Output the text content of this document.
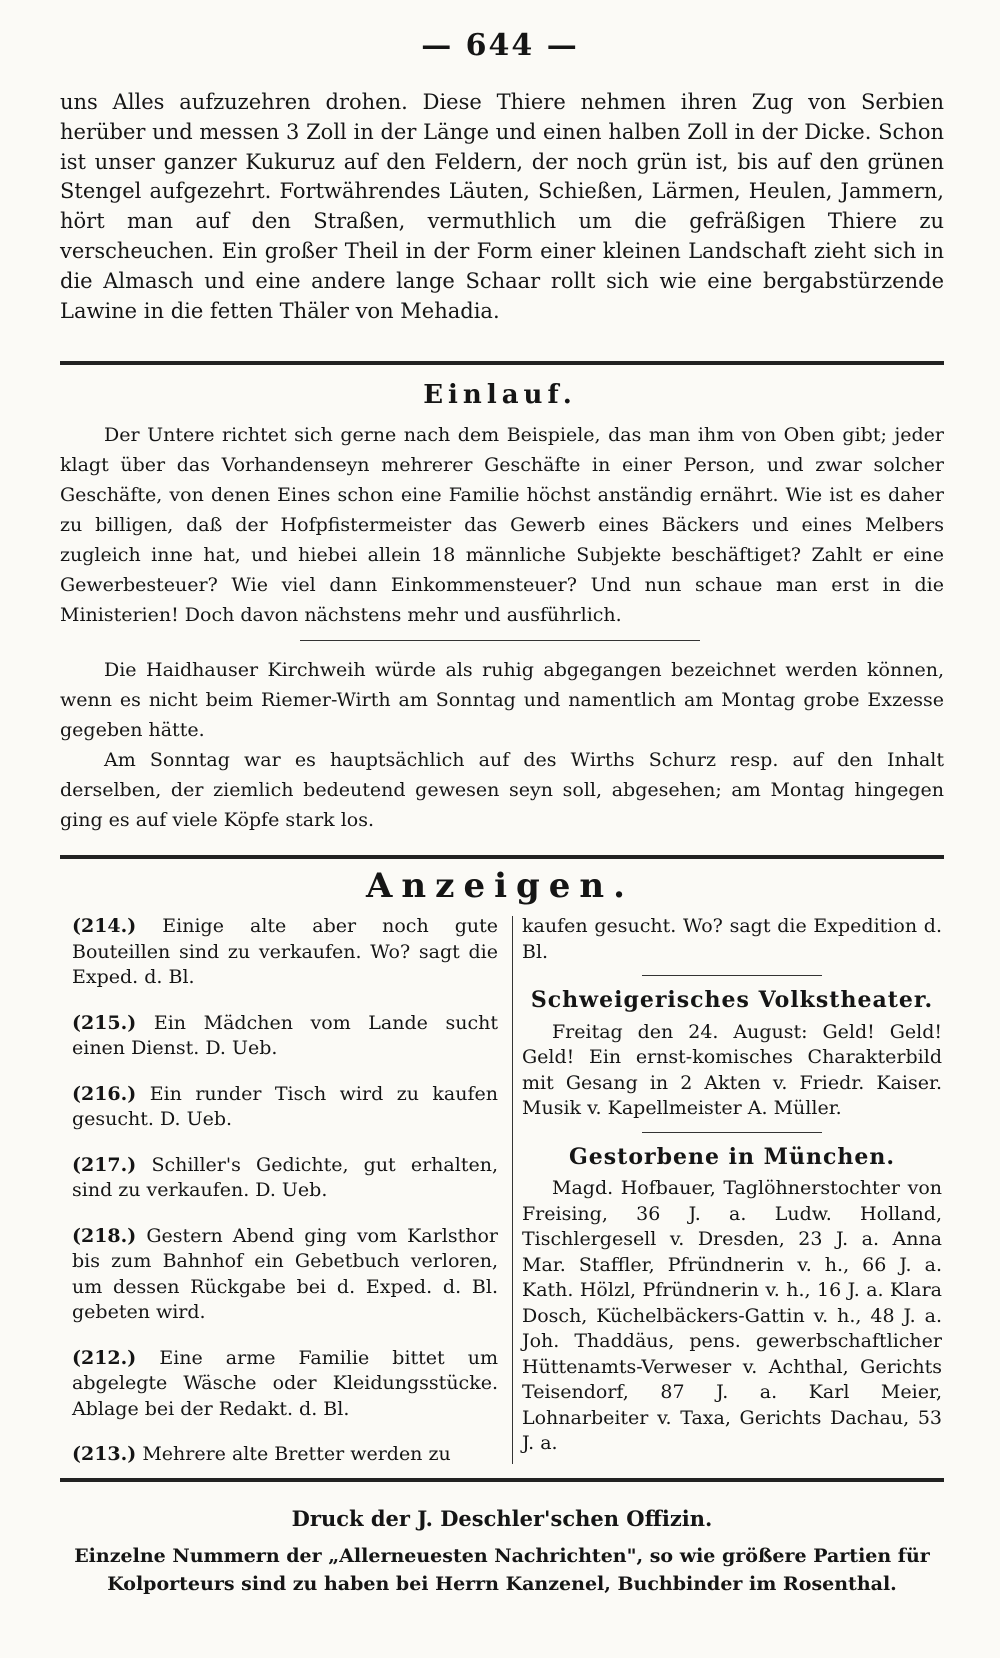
— 644 —
uns Alles aufzuzehren drohen. Diese Thiere nehmen ihren Zug von Serbien herüber und messen 3 Zoll in der Länge und einen halben Zoll in der Dicke. Schon ist unser ganzer Kukuruz auf den Feldern, der noch grün ist, bis auf den grünen Stengel aufgezehrt. Fortwährendes Läuten, Schießen, Lärmen, Heulen, Jammern, hört man auf den Straßen, vermuthlich um die gefräßigen Thiere zu verscheuchen. Ein großer Theil in der Form einer kleinen Landschaft zieht sich in die Almasch und eine andere lange Schaar rollt sich wie eine bergabstürzende Lawine in die fetten Thäler von Mehadia.
Einlauf.

Der Untere richtet sich gerne nach dem Beispiele, das man ihm von Oben gibt; jeder klagt über das Vorhandenseyn mehrerer Geschäfte in einer Person, und zwar solcher Geschäfte, von denen Eines schon eine Familie höchst anständig ernährt. Wie ist es daher zu billigen, daß der Hofpfistermeister das Gewerb eines Bäckers und eines Melbers zugleich inne hat, und hiebei allein 18 männliche Subjekte beschäftiget? Zahlt er eine Gewerbesteuer? Wie viel dann Einkommensteuer? Und nun schaue man erst in die Ministerien! Doch davon nächstens mehr und ausführlich.

Die Haidhauser Kirchweih würde als ruhig abgegangen bezeichnet werden können, wenn es nicht beim Riemer-Wirth am Sonntag und namentlich am Montag grobe Exzesse gegeben hätte.

Am Sonntag war es hauptsächlich auf des Wirths Schurz resp. auf den Inhalt derselben, der ziemlich bedeutend gewesen seyn soll, abgesehen; am Montag hingegen ging es auf viele Köpfe stark los.

Anzeigen.

(214.) Einige alte aber noch gute Bouteillen sind zu verkaufen. Wo? sagt die Exped. d. Bl.

(215.) Ein Mädchen vom Lande sucht einen Dienst. D. Ueb.

(216.) Ein runder Tisch wird zu kaufen gesucht. D. Ueb.

(217.) Schiller's Gedichte, gut erhalten, sind zu verkaufen. D. Ueb.

(218.) Gestern Abend ging vom Karlsthor bis zum Bahnhof ein Gebetbuch verloren, um dessen Rückgabe bei d. Exped. d. Bl. gebeten wird.

(212.) Eine arme Familie bittet um abgelegte Wäsche oder Kleidungsstücke. Ablage bei der Redakt. d. Bl.

(213.) Mehrere alte Bretter werden zu

kaufen gesucht. Wo? sagt die Expedition d. Bl.

Schweigerisches Volkstheater.

Freitag den 24. August: Geld! Geld! Geld! Ein ernst-komisches Charakterbild mit Gesang in 2 Akten v. Friedr. Kaiser. Musik v. Kapellmeister A. Müller.

Gestorbene in München.

Magd. Hofbauer, Taglöhnerstochter von Freising, 36 J. a. Ludw. Holland, Tischlergesell v. Dresden, 23 J. a. Anna Mar. Staffler, Pfründnerin v. h., 66 J. a. Kath. Hölzl, Pfründnerin v. h., 16 J. a. Klara Dosch, Küchelbäckers-Gattin v. h., 48 J. a. Joh. Thaddäus, pens. gewerbschaftlicher Hüttenamts-Verweser v. Achthal, Gerichts Teisendorf, 87 J. a. Karl Meier, Lohnarbeiter v. Taxa, Gerichts Dachau, 53 J. a.

Druck der J. Deschler'schen Offizin.
Einzelne Nummern der „Allerneuesten Nachrichten", so wie größere Partien für Kolporteurs sind zu haben bei Herrn Kanzenel, Buchbinder im Rosenthal.
